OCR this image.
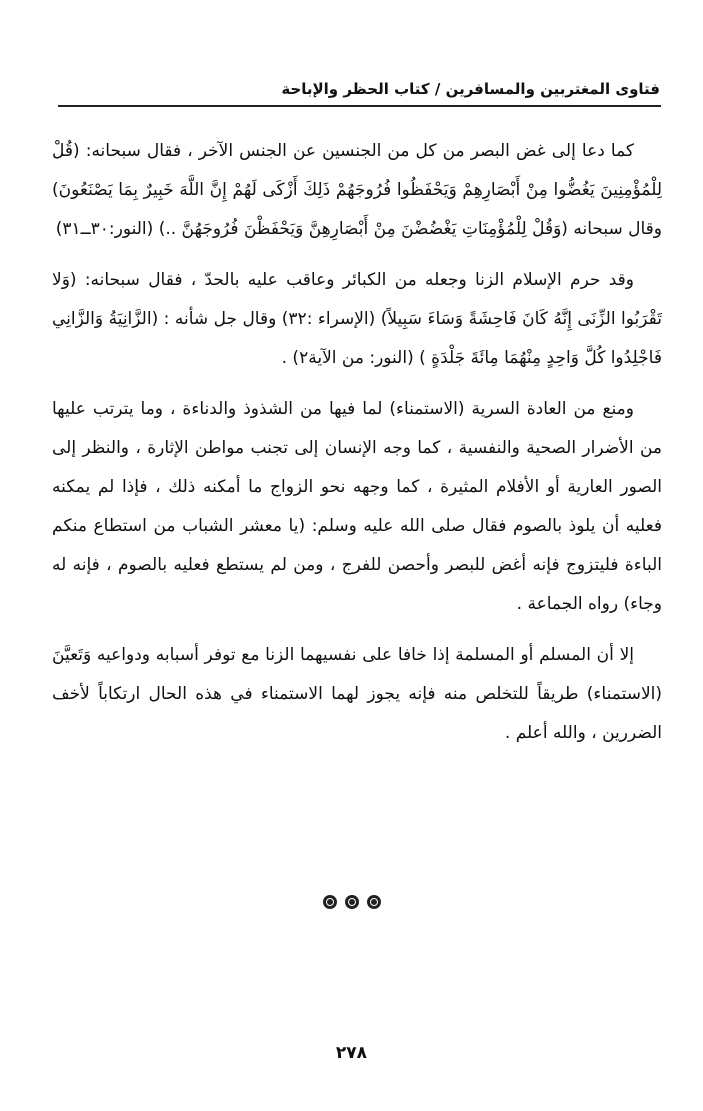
فتاوى المغتربين والمسافرين / كتاب الحظر والإباحة

كما دعا إلى غض البصر من كل من الجنسين عن الجنس الآخر ، فقال سبحانه: (قُلْ لِلْمُؤْمِنِينَ يَغُضُّوا مِنْ أَبْصَارِهِمْ وَيَحْفَظُوا فُرُوجَهُمْ ذَلِكَ أَزْكَى لَهُمْ إِنَّ اللَّهَ خَبِيرٌ بِمَا يَصْنَعُونَ) وقال سبحانه (وَقُلْ لِلْمُؤْمِنَاتِ يَغْضُضْنَ مِنْ أَبْصَارِهِنَّ وَيَحْفَظْنَ فُرُوجَهُنَّ ..) (النور:٣٠ــ٣١)

وقد حرم الإسلام الزنا وجعله من الكبائر وعاقب عليه بالحدّ ، فقال سبحانه: (وَلا تَقْرَبُوا الزِّنَى إِنَّهُ كَانَ فَاحِشَةً وَسَاءَ سَبِيلاً) (الإسراء :٣٢) وقال جل شأنه : (الزَّانِيَةُ وَالزَّانِي فَاجْلِدُوا كُلَّ وَاحِدٍ مِنْهُمَا مِائَةَ جَلْدَةٍ ) (النور: من الآية٢) .

ومنع من العادة السرية (الاستمناء) لما فيها من الشذوذ والدناءة ، وما يترتب عليها من الأضرار الصحية والنفسية ، كما وجه الإنسان إلى تجنب مواطن الإثارة ، والنظر إلى الصور العارية أو الأفلام المثيرة ، كما وجهه نحو الزواج ما أمكنه ذلك ، فإذا لم يمكنه فعليه أن يلوذ بالصوم فقال صلى الله عليه وسلم: (يا معشر الشباب من استطاع منكم الباءة فليتزوج فإنه أغض للبصر وأحصن للفرج ، ومن لم يستطع فعليه بالصوم ، فإنه له وجاء) رواه الجماعة .

إلا أن المسلم أو المسلمة إذا خافا على نفسيهما الزنا مع توفر أسبابه ودواعيه وَتَعيَّنَ (الاستمناء) طريقاً للتخلص منه فإنه يجوز لهما الاستمناء في هذه الحال ارتكاباً لأخف الضررين ، والله أعلم .

٢٧٨
